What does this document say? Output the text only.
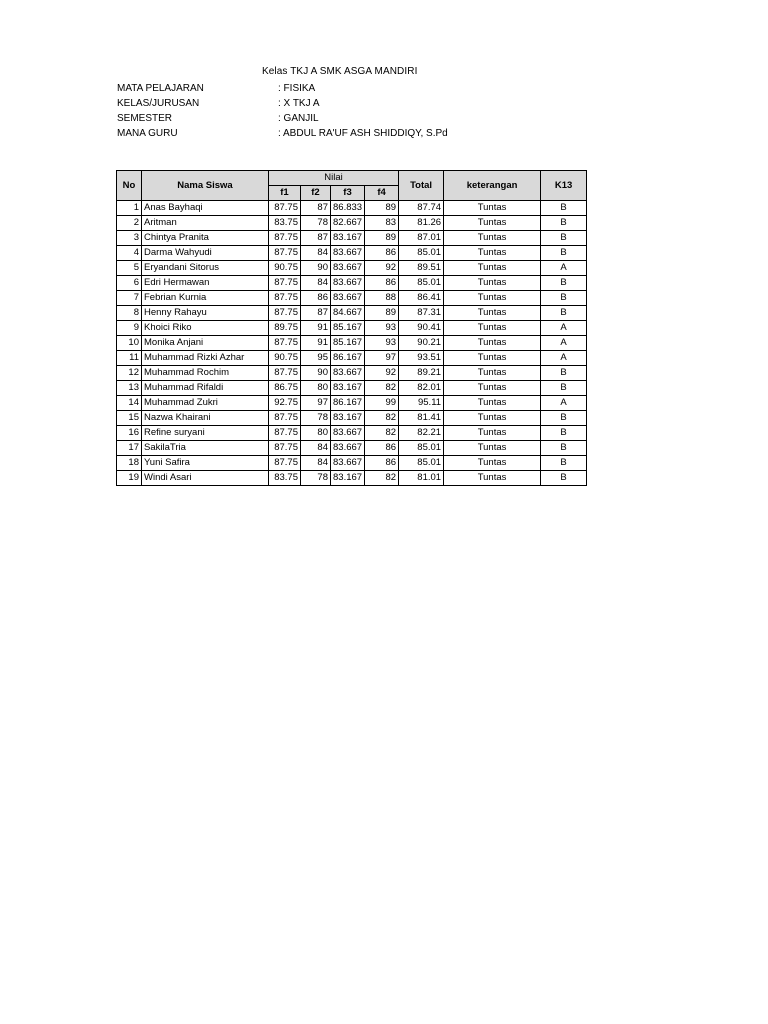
Kelas TKJ A SMK ASGA MANDIRI
MATA PELAJARAN	: FISIKA
KELAS/JURUSAN	: X TKJ A
SEMESTER	: GANJIL
MANA GURU	: ABDUL RA'UF ASH SHIDDIQY, S.Pd
No	Nama Siswa	Nilai				Total	keterangan	K13
		f1	f2	f3	f4			
1	Anas Bayhaqi	87.75	87	86.833	89	87.74	Tuntas	B
2	Aritman	83.75	78	82.667	83	81.26	Tuntas	B
3	Chintya Pranita	87.75	87	83.167	89	87.01	Tuntas	B
4	Darma Wahyudi	87.75	84	83.667	86	85.01	Tuntas	B
5	Eryandani Sitorus	90.75	90	83.667	92	89.51	Tuntas	A
6	Edri Hermawan	87.75	84	83.667	86	85.01	Tuntas	B
7	Febrian Kurnia	87.75	86	83.667	88	86.41	Tuntas	B
8	Henny Rahayu	87.75	87	84.667	89	87.31	Tuntas	B
9	Khoici Riko	89.75	91	85.167	93	90.41	Tuntas	A
10	Monika Anjani	87.75	91	85.167	93	90.21	Tuntas	A
11	Muhammad Rizki Azhar	90.75	95	86.167	97	93.51	Tuntas	A
12	Muhammad Rochim	87.75	90	83.667	92	89.21	Tuntas	B
13	Muhammad Rifaldi	86.75	80	83.167	82	82.01	Tuntas	B
14	Muhammad Zukri	92.75	97	86.167	99	95.11	Tuntas	A
15	Nazwa Khairani	87.75	78	83.167	82	81.41	Tuntas	B
16	Refine suryani	87.75	80	83.667	82	82.21	Tuntas	B
17	SakilaTria	87.75	84	83.667	86	85.01	Tuntas	B
18	Yuni Safira	87.75	84	83.667	86	85.01	Tuntas	B
19	Windi Asari	83.75	78	83.167	82	81.01	Tuntas	B
